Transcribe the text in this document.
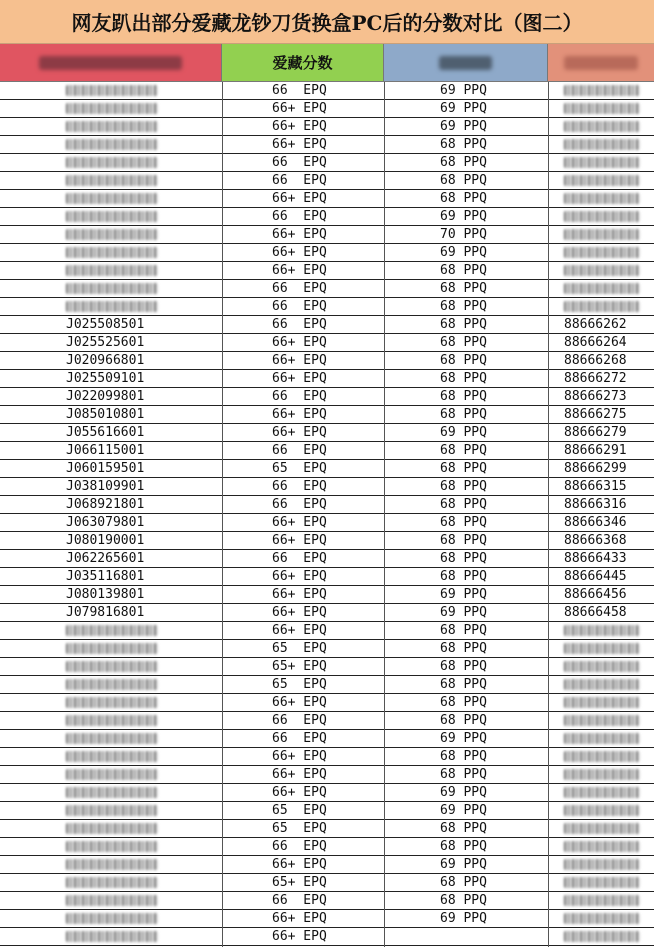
网友趴出部分爱藏龙钞刀货换盒PC后的分数对比（图二）
爱藏分数
66  EPQ	69 PPQ
66+ EPQ	69 PPQ
66+ EPQ	69 PPQ
66+ EPQ	68 PPQ
66  EPQ	68 PPQ
66  EPQ	68 PPQ
66+ EPQ	68 PPQ
66  EPQ	69 PPQ
66+ EPQ	70 PPQ
66+ EPQ	69 PPQ
66+ EPQ	68 PPQ
66  EPQ	68 PPQ
66  EPQ	68 PPQ
J025508501	66  EPQ	68 PPQ	88666262
J025525601	66+ EPQ	68 PPQ	88666264
J020966801	66+ EPQ	68 PPQ	88666268
J025509101	66+ EPQ	68 PPQ	88666272
J022099801	66  EPQ	68 PPQ	88666273
J085010801	66+ EPQ	68 PPQ	88666275
J055616601	66+ EPQ	69 PPQ	88666279
J066115001	66  EPQ	68 PPQ	88666291
J060159501	65  EPQ	68 PPQ	88666299
J038109901	66  EPQ	68 PPQ	88666315
J068921801	66  EPQ	68 PPQ	88666316
J063079801	66+ EPQ	68 PPQ	88666346
J080190001	66+ EPQ	68 PPQ	88666368
J062265601	66  EPQ	68 PPQ	88666433
J035116801	66+ EPQ	68 PPQ	88666445
J080139801	66+ EPQ	69 PPQ	88666456
J079816801	66+ EPQ	69 PPQ	88666458
66+ EPQ	68 PPQ
65  EPQ	68 PPQ
65+ EPQ	68 PPQ
65  EPQ	68 PPQ
66+ EPQ	68 PPQ
66  EPQ	68 PPQ
66  EPQ	69 PPQ
66+ EPQ	68 PPQ
66+ EPQ	68 PPQ
66+ EPQ	69 PPQ
65  EPQ	69 PPQ
65  EPQ	68 PPQ
66  EPQ	68 PPQ
66+ EPQ	69 PPQ
65+ EPQ	68 PPQ
66  EPQ	68 PPQ
66+ EPQ	69 PPQ
66+ EPQ
